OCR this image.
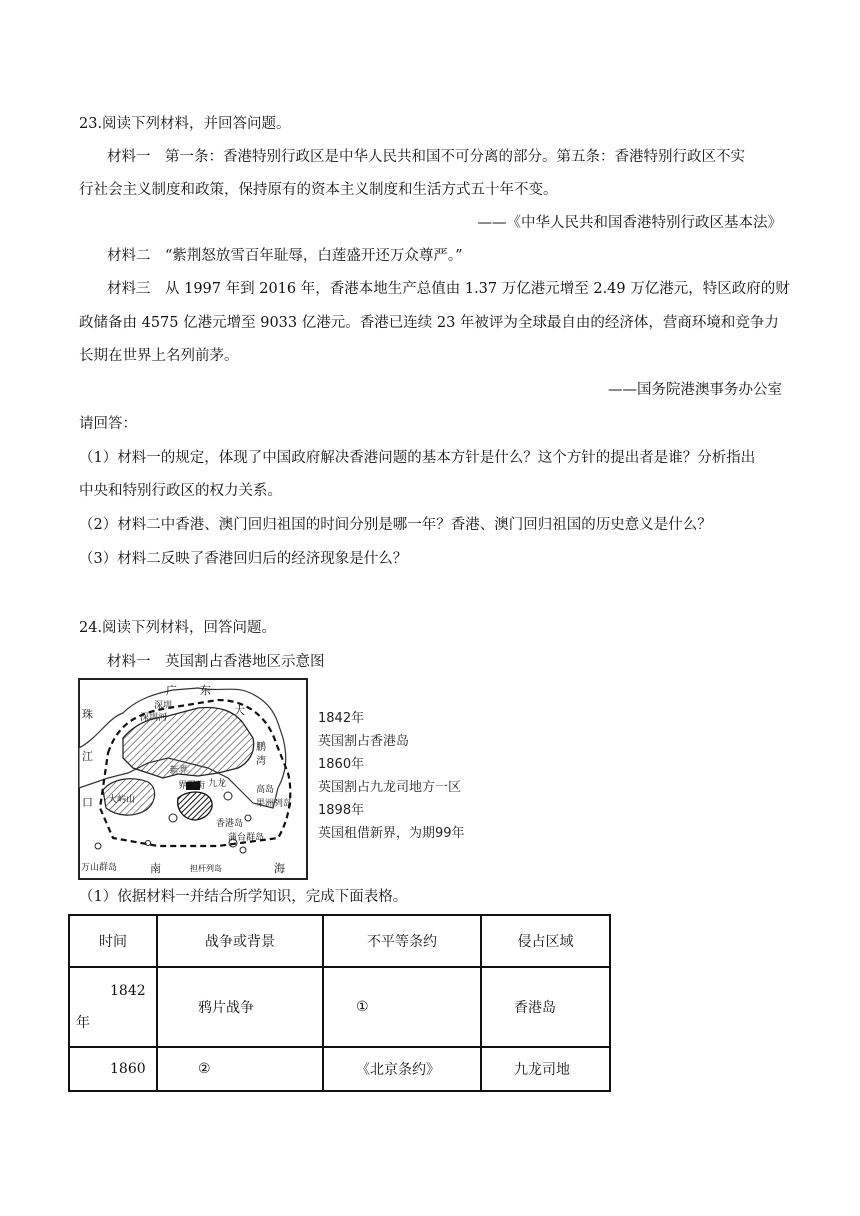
23.阅读下列材料，并回答问题。
材料一　第一条：香港特别行政区是中华人民共和国不可分离的部分。第五条：香港特别行政区不实
行社会主义制度和政策，保持原有的资本主义制度和生活方式五十年不变。
——《中华人民共和国香港特别行政区基本法》
材料二　“紫荆怒放雪百年耻辱，白莲盛开还万众尊严。”
材料三　从 1997 年到 2016 年，香港本地生产总值由 1.37 万亿港元增至 2.49 万亿港元，特区政府的财
政储备由 4575 亿港元增至 9033 亿港元。香港已连续 23 年被评为全球最自由的经济体，营商环境和竞争力
长期在世界上名列前茅。
——国务院港澳事务办公室
请回答：
（1）材料一的规定，体现了中国政府解决香港问题的基本方针是什么？这个方针的提出者是谁？分析指出
中央和特别行政区的权力关系。
（2）材料二中香港、澳门回归祖国的时间分别是哪一年？香港、澳门回归祖国的历史意义是什么？
（3）材料二反映了香港回归后的经济现象是什么？
24.阅读下列材料，回答问题。
材料一　英国割占香港地区示意图
广 东
深圳
深圳河
珠
江
口
大
鹏
湾
新界
界限街 九龙
高岛
果洲列岛
大屿山
香港岛
蒲台群岛
万山群岛	南	担杆列岛	海
1842年
英国割占香港岛
1860年
英国割占九龙司地方一区
1898年
英国租借新界，为期99年
（1）依据材料一并结合所学知识，完成下面表格。
时间	战争或背景	不平等条约	侵占区域

1842
年	鸦片战争	①	香港岛
1860	②	《北京条约》	九龙司地
